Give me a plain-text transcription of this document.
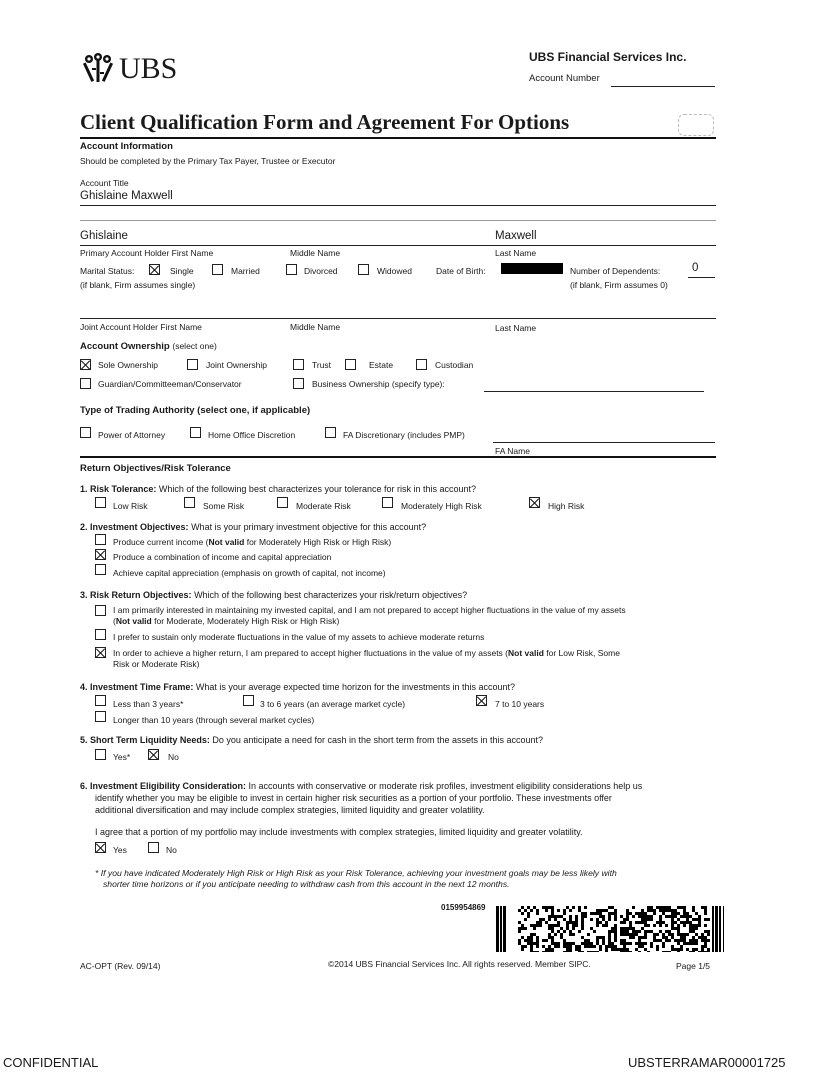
UBS	UBS Financial Services Inc.
Account Number
Client Qualification Form and Agreement For Options
Account Information
Should be completed by the Primary Tax Payer, Trustee or Executor
Account Title
Ghislaine Maxwell
Ghislaine	Maxwell
Primary Account Holder First Name	Middle Name	Last Name
Marital Status:	Single	Married	Divorced	Widowed
(if blank, Firm assumes single)
Date of Birth:	Number of Dependents:	0
(if blank, Firm assumes 0)
Joint Account Holder First Name	Middle Name	Last Name
Account Ownership (select one)
Sole Ownership	Joint Ownership	Trust	Estate	Custodian
Guardian/Committeeman/Conservator	Business Ownership (specify type):
Type of Trading Authority (select one, if applicable)
Power of Attorney	Home Office Discretion	FA Discretionary (includes PMP)
FA Name
Return Objectives/Risk Tolerance
1. Risk Tolerance: Which of the following best characterizes your tolerance for risk in this account?
Low Risk	Some Risk	Moderate Risk	Moderately High Risk	High Risk
2. Investment Objectives: What is your primary investment objective for this account?
Produce current income (Not valid for Moderately High Risk or High Risk)
Produce a combination of income and capital appreciation
Achieve capital appreciation (emphasis on growth of capital, not income)
3. Risk Return Objectives: Which of the following best characterizes your risk/return objectives?
I am primarily interested in maintaining my invested capital, and I am not prepared to accept higher fluctuations in the value of my assets
(Not valid for Moderate, Moderately High Risk or High Risk)
I prefer to sustain only moderate fluctuations in the value of my assets to achieve moderate returns
In order to achieve a higher return, I am prepared to accept higher fluctuations in the value of my assets (Not valid for Low Risk, Some
Risk or Moderate Risk)
4. Investment Time Frame: What is your average expected time horizon for the investments in this account?
Less than 3 years*	3 to 6 years (an average market cycle)	7 to 10 years
Longer than 10 years (through several market cycles)
5. Short Term Liquidity Needs: Do you anticipate a need for cash in the short term from the assets in this account?
Yes*	No
6. Investment Eligibility Consideration: In accounts with conservative or moderate risk profiles, investment eligibility considerations help us
identify whether you may be eligible to invest in certain higher risk securities as a portion of your portfolio. These investments offer
additional diversification and may include complex strategies, limited liquidity and greater volatility.
I agree that a portion of my portfolio may include investments with complex strategies, limited liquidity and greater volatility.
Yes	No
* If you have indicated Moderately High Risk or High Risk as your Risk Tolerance, achieving your investment goals may be less likely with
shorter time horizons or if you anticipate needing to withdraw cash from this account in the next 12 months.
0159954869
AC-OPT (Rev. 09/14)	©2014 UBS Financial Services Inc. All rights reserved. Member SIPC.	Page 1/5
CONFIDENTIAL	UBSTERRAMAR00001725
